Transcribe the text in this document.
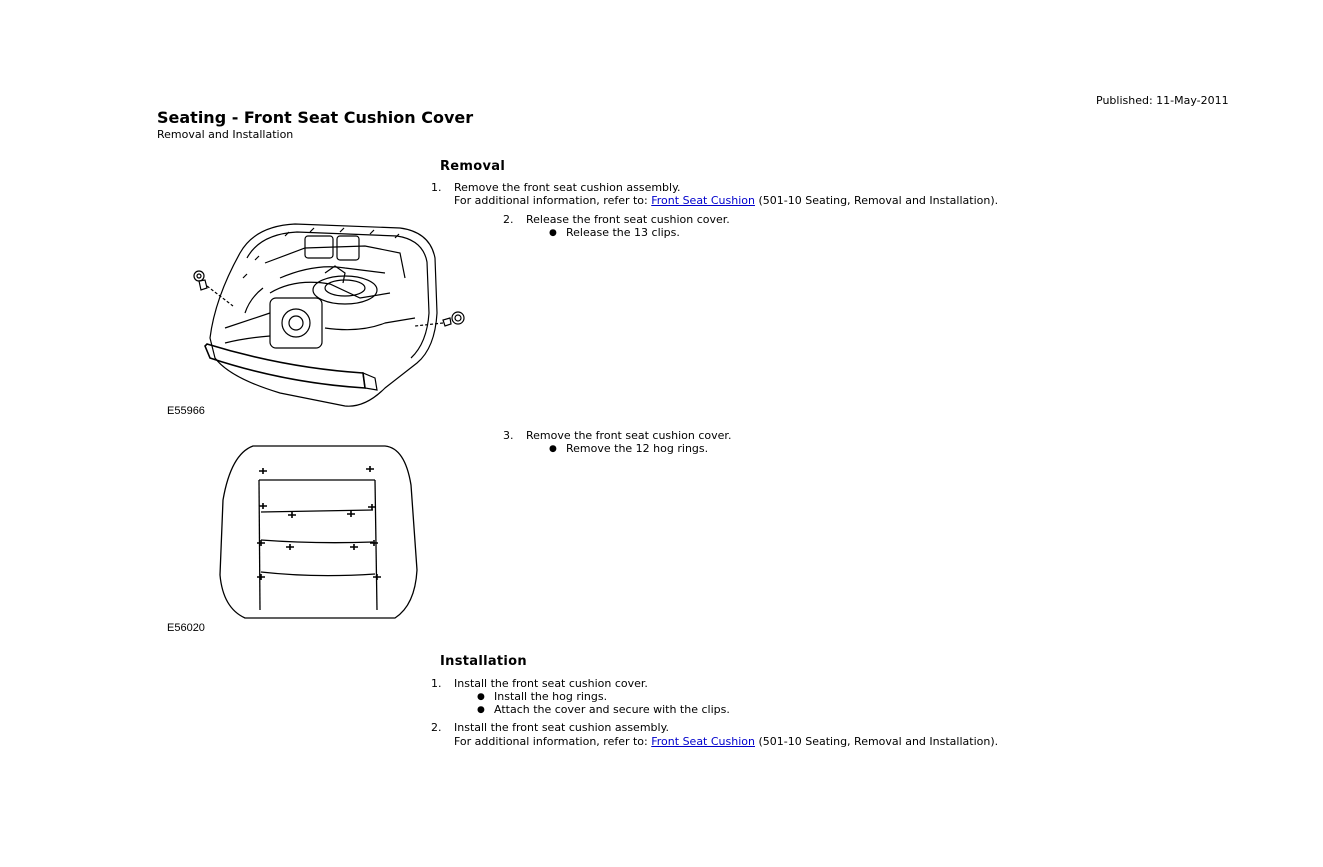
Published: 11-May-2011
Seating - Front Seat Cushion Cover
Removal and Installation
Removal
1. Remove the front seat cushion assembly.
For additional information, refer to: Front Seat Cushion (501-10 Seating, Removal and Installation).
2. Release the front seat cushion cover.
● Release the 13 clips.
3. Remove the front seat cushion cover.
● Remove the 12 hog rings.
E55966
E56020
Installation
1. Install the front seat cushion cover.
● Install the hog rings.
● Attach the cover and secure with the clips.
2. Install the front seat cushion assembly.
For additional information, refer to: Front Seat Cushion (501-10 Seating, Removal and Installation).
